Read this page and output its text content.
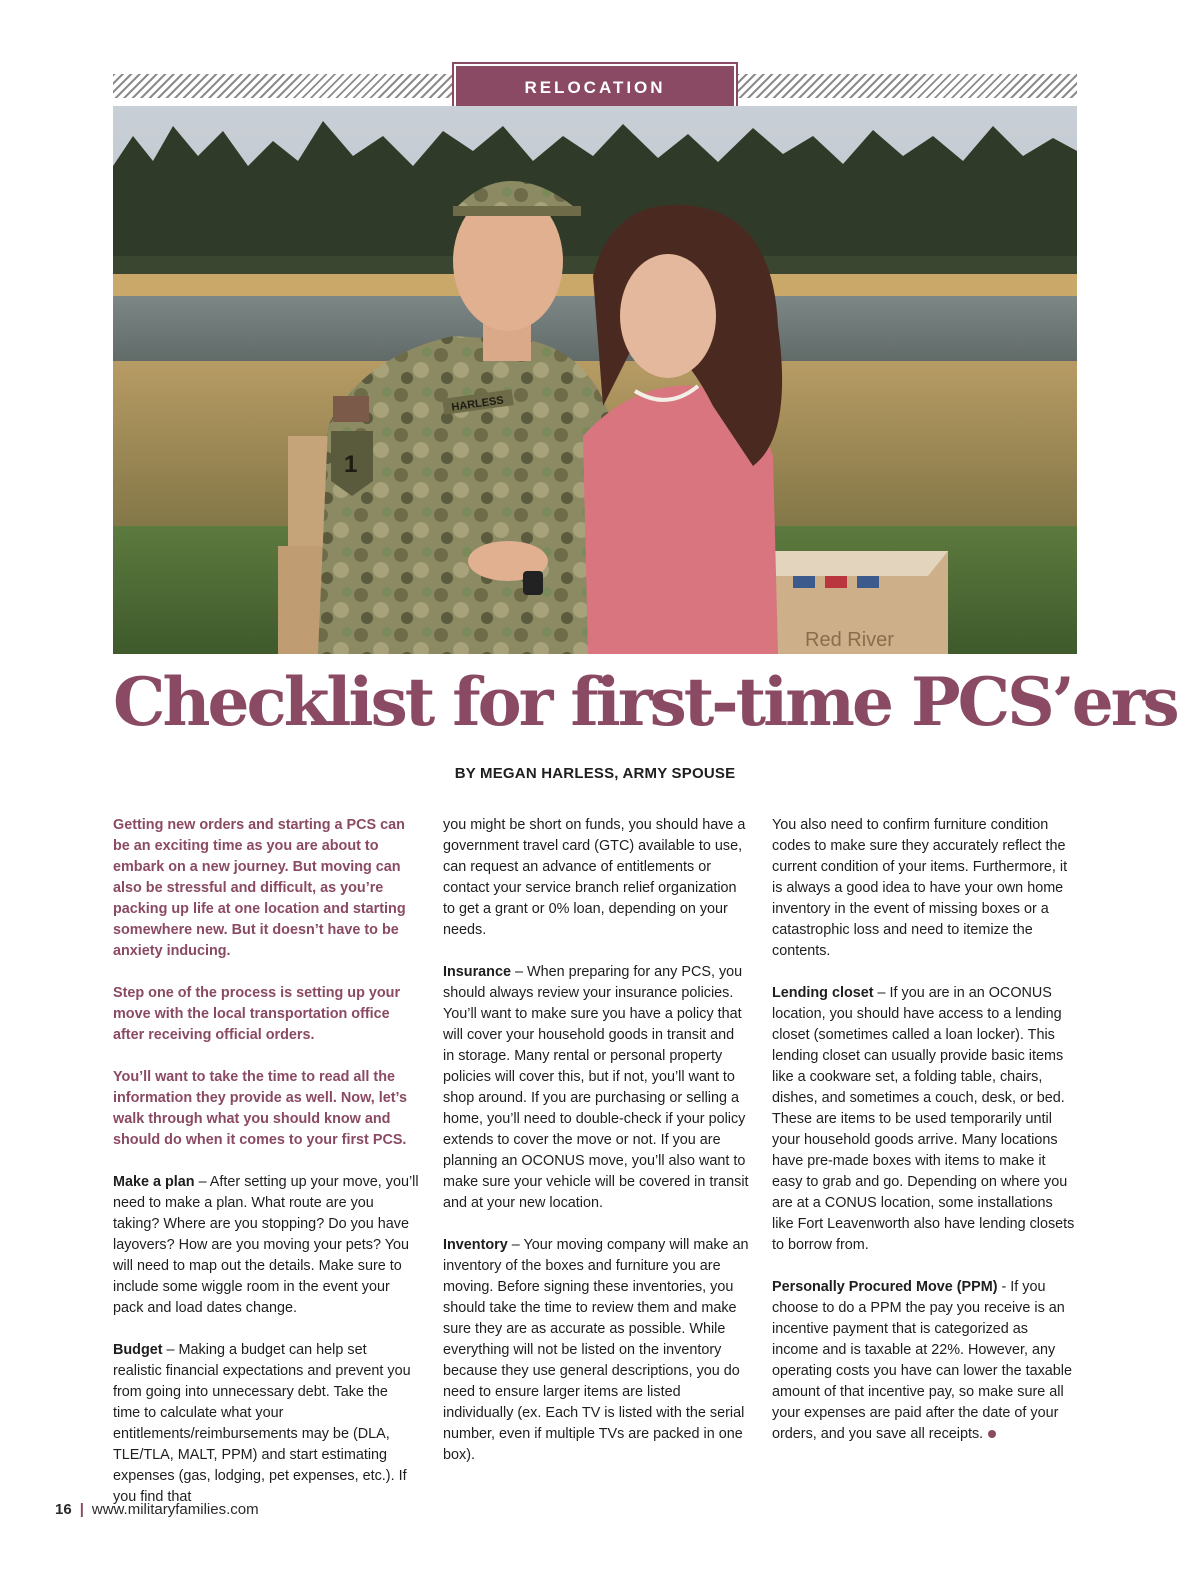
RELOCATION
Red River
1
HARLESS
Checklist for first-time PCS’ers
BY MEGAN HARLESS, ARMY SPOUSE

Getting new orders and starting a PCS can be an exciting time as you are about to embark on a new journey. But moving can also be stressful and difficult, as you’re packing up life at one location and starting somewhere new. But it doesn’t have to be anxiety inducing.

Step one of the process is setting up your move with the local transportation office after receiving official orders.

You’ll want to take the time to read all the information they provide as well. Now, let’s walk through what you should know and should do when it comes to your first PCS.

Make a plan – After setting up your move, you’ll need to make a plan. What route are you taking? Where are you stopping? Do you have layovers? How are you moving your pets? You will need to map out the details. Make sure to include some wiggle room in the event your pack and load dates change.

Budget – Making a budget can help set realistic financial expectations and prevent you from going into unnecessary debt. Take the time to calculate what your entitlements/reimbursements may be (DLA, TLE/TLA, MALT, PPM) and start estimating expenses (gas, lodging, pet expenses, etc.). If you find that

you might be short on funds, you should have a government travel card (GTC) available to use, can request an advance of entitlements or contact your service branch relief organization to get a grant or 0% loan, depending on your needs.

Insurance – When preparing for any PCS, you should always review your insurance policies. You’ll want to make sure you have a policy that will cover your household goods in transit and in storage. Many rental or personal property policies will cover this, but if not, you’ll want to shop around. If you are purchasing or selling a home, you’ll need to double-check if your policy extends to cover the move or not. If you are planning an OCONUS move, you’ll also want to make sure your vehicle will be covered in transit and at your new location.

Inventory – Your moving company will make an inventory of the boxes and furniture you are moving. Before signing these inventories, you should take the time to review them and make sure they are as accurate as possible. While everything will not be listed on the inventory because they use general descriptions, you do need to ensure larger items are listed individually (ex. Each TV is listed with the serial number, even if multiple TVs are packed in one box).

You also need to confirm furniture condition codes to make sure they accurately reflect the current condition of your items. Furthermore, it is always a good idea to have your own home inventory in the event of missing boxes or a catastrophic loss and need to itemize the contents.

Lending closet – If you are in an OCONUS location, you should have access to a lending closet (sometimes called a loan locker). This lending closet can usually provide basic items like a cookware set, a folding table, chairs, dishes, and sometimes a couch, desk, or bed. These are items to be used temporarily until your household goods arrive. Many locations have pre-made boxes with items to make it easy to grab and go. Depending on where you are at a CONUS location, some installations like Fort Leavenworth also have lending closets to borrow from.

Personally Procured Move (PPM) - If you choose to do a PPM the pay you receive is an incentive payment that is categorized as income and is taxable at 22%. However, any operating costs you have can lower the taxable amount of that incentive pay, so make sure all your expenses are paid after the date of your orders, and you save all receipts.

16 | www.militaryfamilies.com
